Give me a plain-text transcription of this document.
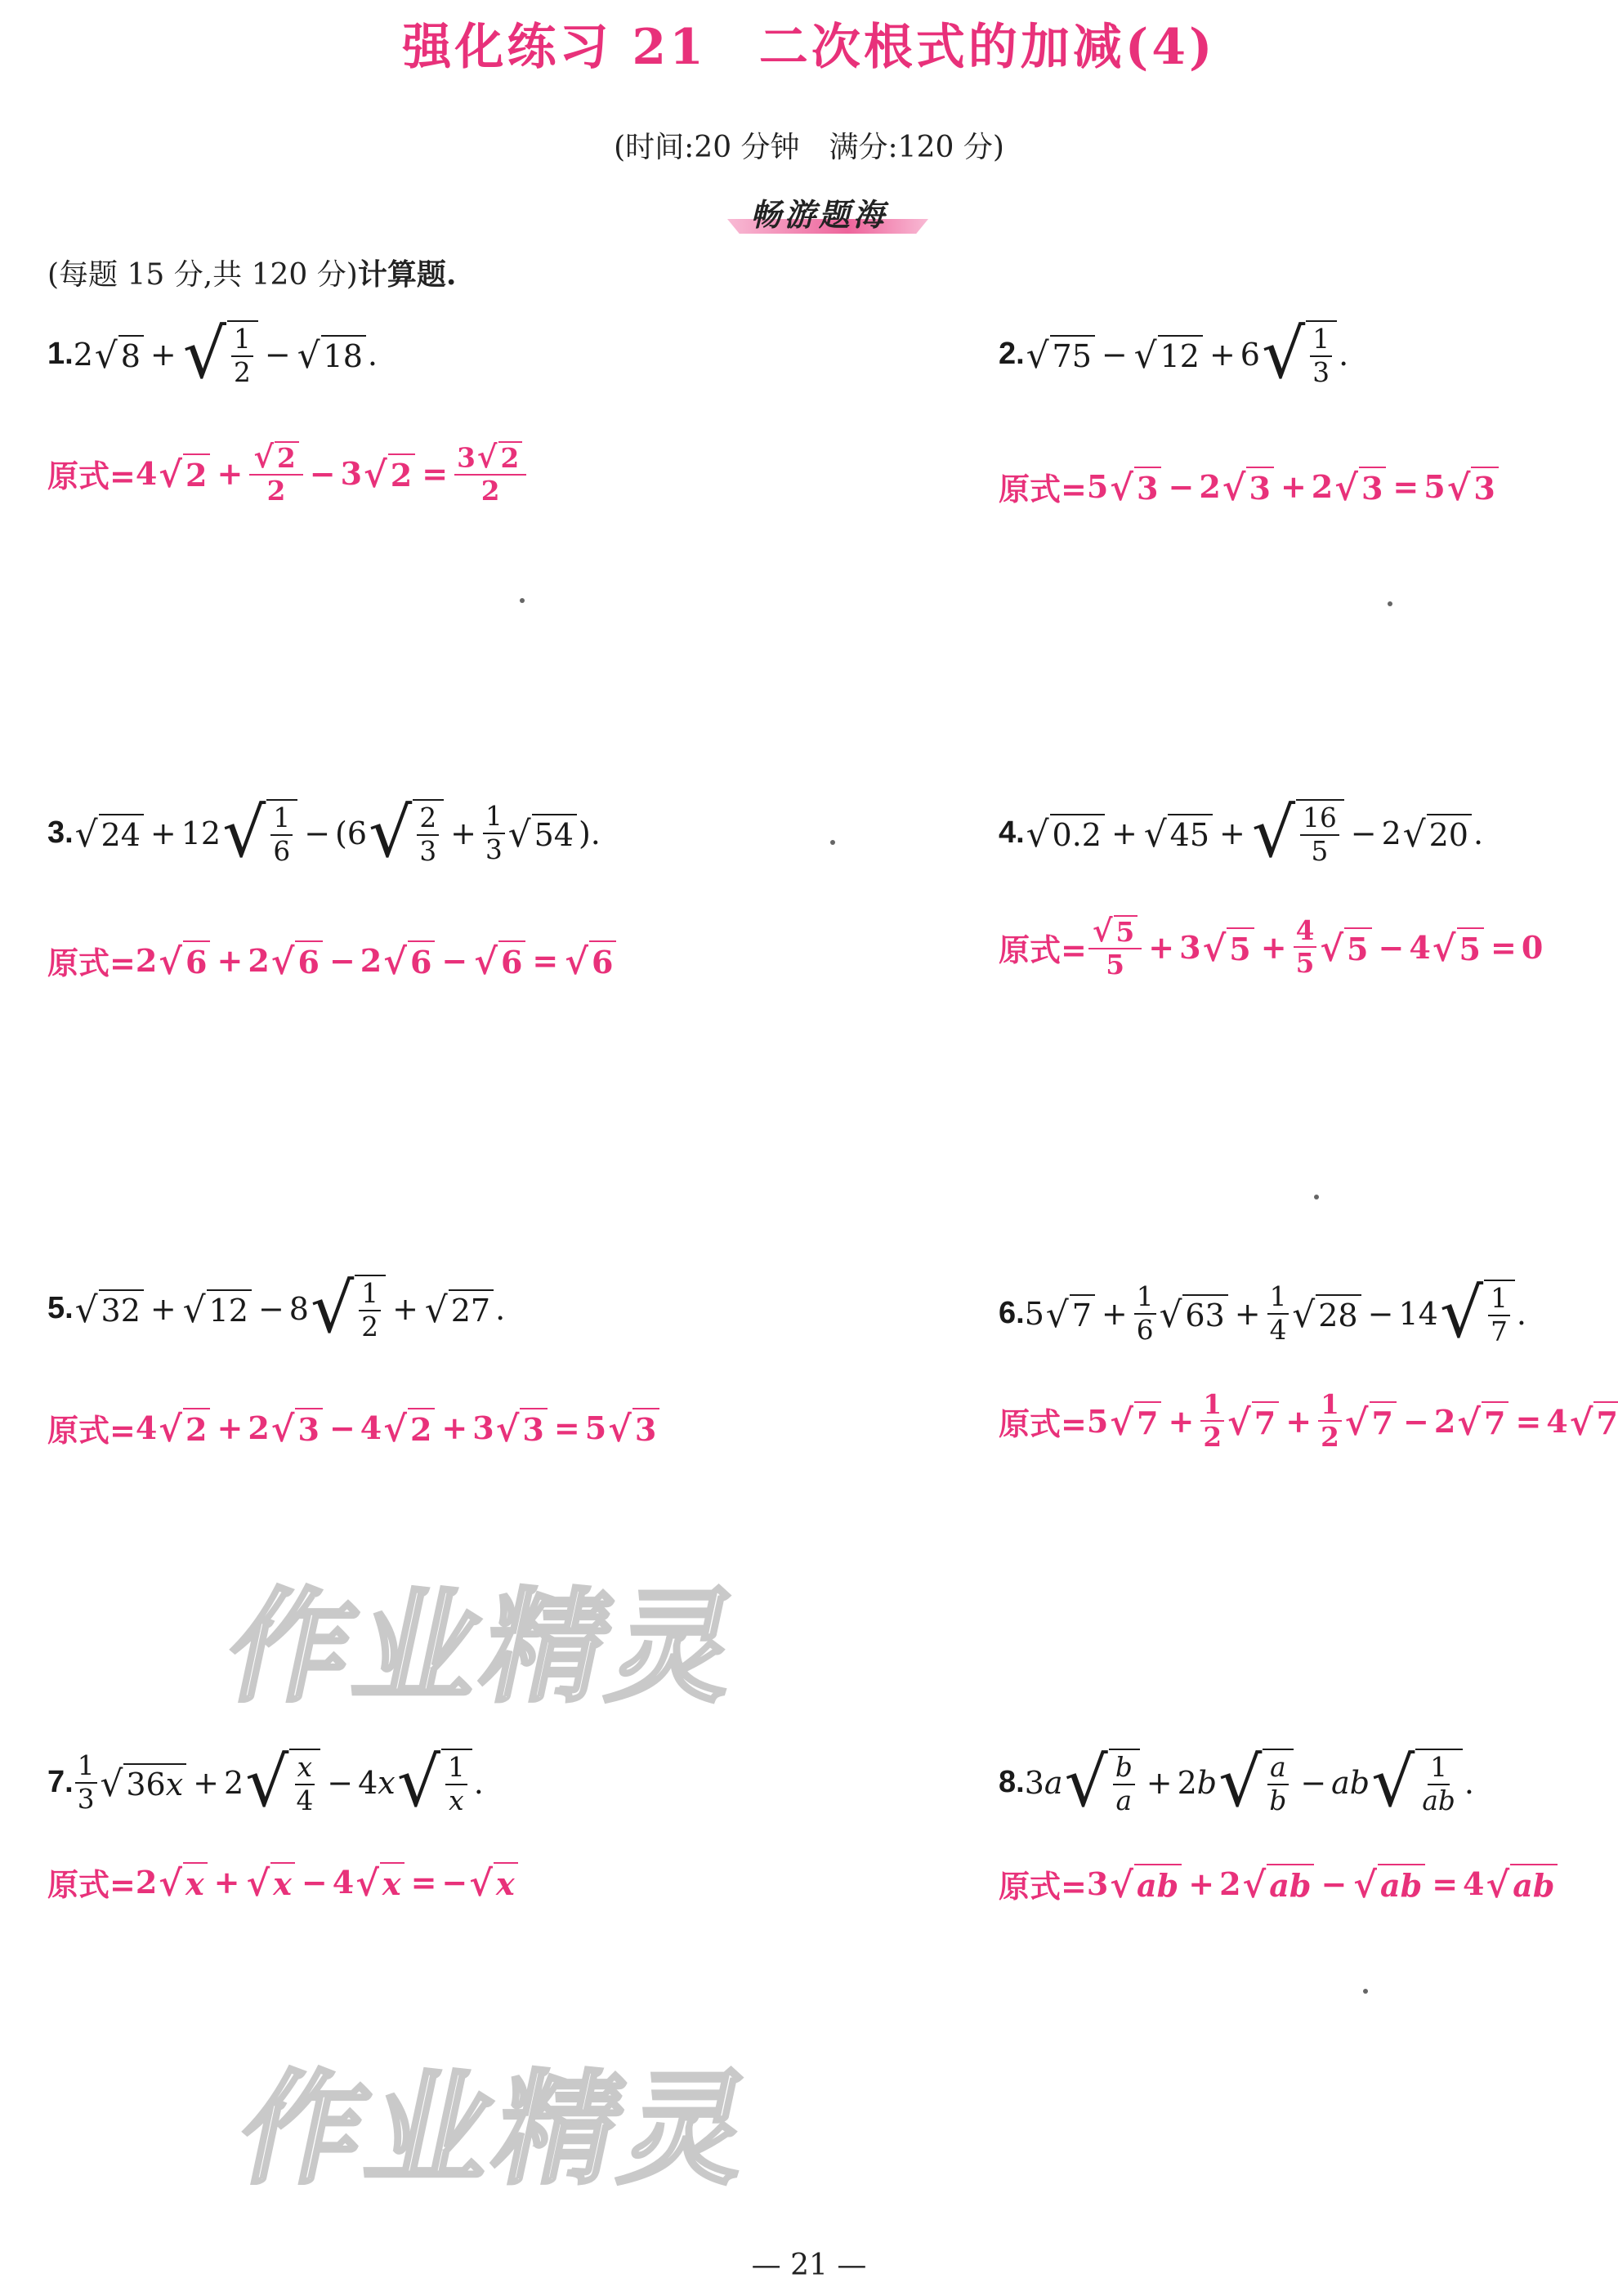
强化练习 21　二次根式的加减(4)
(时间:20 分钟　满分:120 分)
畅游题海
(每题 15 分,共 120 分)计算题.
1. 2 √ 8 + √ $\frac{1}{2}$ − √ 18 .
原式= 4 √ $2 + \frac{√ 2}{2} - 3$ √ $2 = \frac{3 √ 2}{2}$
2. √ 75 − √ 12 + 6 √ $\frac{1}{3}$ .
原式= 5 √ 3 − 2 √ 3 + 2 √ 3 = 5 √ 3
3. √ 24 + 12 √ $\frac{1}{6} - (6$ √ $\frac{2}{3} + \frac{1}{3}$ √ 54 ).
原式= 2 √ 6 + 2 √ 6 − 2 √ 6 − √ 6 = √ 6
4. √ 0.2 + √ 45 + √ $\frac{16}{5} - 2$ √ 20 .
原式= $\frac{√ 5}{5} + 3$ √ $5 + \frac{4}{5}$ √ 5 − 4 √ 5 = 0
5. √ 32 + √ 12 − 8 √ $\frac{1}{2}$ + √ 27 .
原式= 4 √ 2 + 2 √ 3 − 4 √ 2 + 3 √ 3 = 5 √ 3
6. 5 √ $7 + \frac{1}{6}$ √ $63 + \frac{1}{4}$ √ 28 − 14 √ $\frac{1}{7}$ .
原式= 5 √ $7 + \frac{1}{2}$ √ $7 + \frac{1}{2}$ √ 7 − 2 √ 7 = 4 √ 7
7. $\frac{1}{3}$ √ 36 x + 2 √ $\frac{x}{4} - 4$ x √ $\frac{1}{x}$ .
原式= 2 √ x + √ x − 4 √ x = − √ x
8. 3 a √ $\frac{b}{a} + 2$ b √ $\frac{a}{b}$ − ab √ $\frac{1}{ab}$ .
原式= 3 √ ab + 2 √ ab − √ ab = 4 √ ab
作业精灵
作业精灵
— 21 —
